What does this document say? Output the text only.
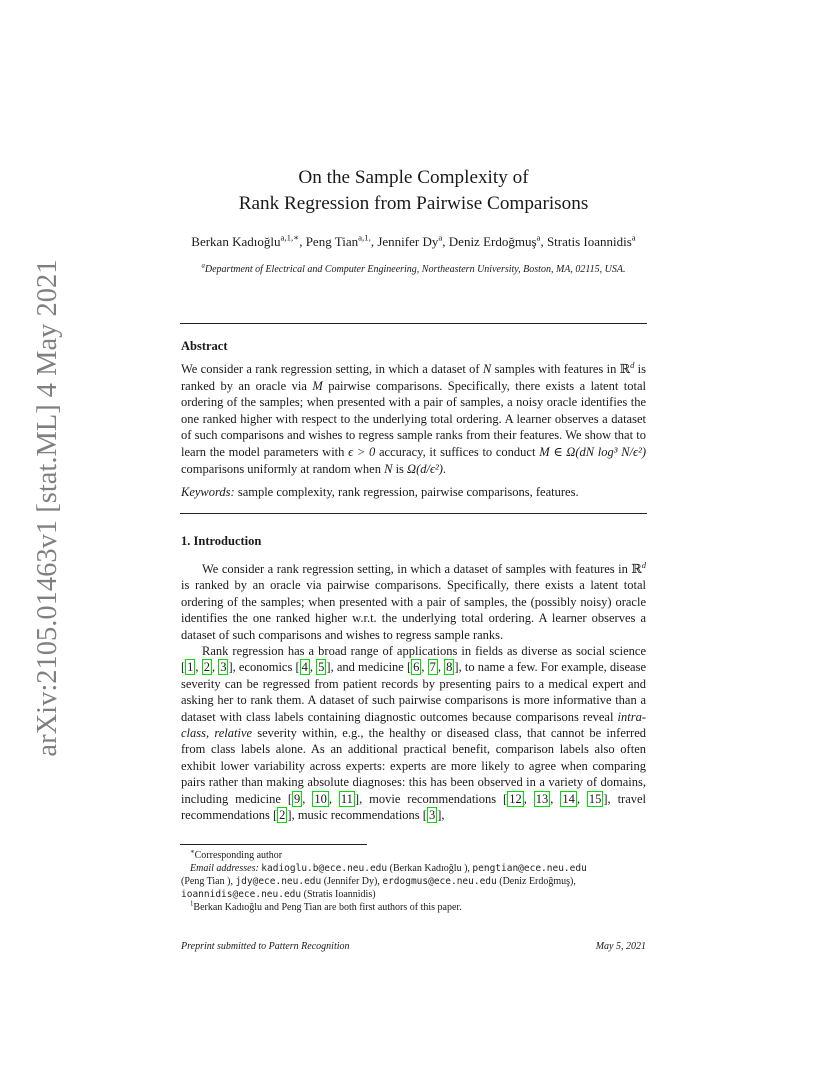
arXiv:2105.01463v1 [stat.ML] 4 May 2021
On the Sample Complexity of
Rank Regression from Pairwise Comparisons
Berkan Kadıoğlu$^{a,1,∗}$, Peng Tian$^{a,1,}$, Jennifer Dy$^a$, Deniz Erdoğmuş$^a$, Stratis Ioannidis$^a$
$^a$Department of Electrical and Computer Engineering, Northeastern University, Boston, MA, 02115, USA.
Abstract
We consider a rank regression setting, in which a dataset of N samples with features in ℝ$^d$ is ranked by an oracle via M pairwise comparisons. Specifically, there exists a latent total ordering of the samples; when presented with a pair of samples, a noisy oracle identifies the one ranked higher with respect to the underlying total ordering. A learner observes a dataset of such comparisons and wishes to regress sample ranks from their features. We show that to learn the model parameters with ϵ > 0 accuracy, it suffices to conduct M ∈ Ω(dN log³ N/ϵ²) comparisons uniformly at random when N is Ω(d/ϵ²).
Keywords: sample complexity, rank regression, pairwise comparisons, features.
1. Introduction

We consider a rank regression setting, in which a dataset of samples with features in ℝ$^d$ is ranked by an oracle via pairwise comparisons. Specifically, there exists a latent total ordering of the samples; when presented with a pair of samples, the (possibly noisy) oracle identifies the one ranked higher w.r.t. the underlying total ordering. A learner observes a dataset of such comparisons and wishes to regress sample ranks.

Rank regression has a broad range of applications in fields as diverse as social science [ 1 , 2 , 3 ], economics [ 4 , 5 ], and medicine [ 6 , 7 , 8 ], to name a few. For example, disease severity can be regressed from patient records by presenting pairs to a medical expert and asking her to rank them. A dataset of such pairwise comparisons is more informative than a dataset with class labels containing diagnostic outcomes because comparisons reveal intra-class, relative severity within, e.g., the healthy or diseased class, that cannot be inferred from class labels alone. As an additional practical benefit, comparison labels also often exhibit lower variability across experts: experts are more likely to agree when comparing pairs rather than making absolute diagnoses: this has been observed in a variety of domains, including medicine [ 9 , 10 , 11 ], movie recommendations [ 12 , 13 , 14 , 15 ], travel recommendations [ 2 ], music recommendations [ 3 ],

∗Corresponding author
Email addresses: kadioglu.b@ece.neu.edu (Berkan Kadıoğlu ), pengtian@ece.neu.edu
(Peng Tian ), jdy@ece.neu.edu (Jennifer Dy), erdogmus@ece.neu.edu (Deniz Erdoğmuş),
ioannidis@ece.neu.edu (Stratis Ioannidis)
$^1$Berkan Kadıoğlu and Peng Tian are both first authors of this paper.
Preprint submitted to Pattern Recognition	May 5, 2021
